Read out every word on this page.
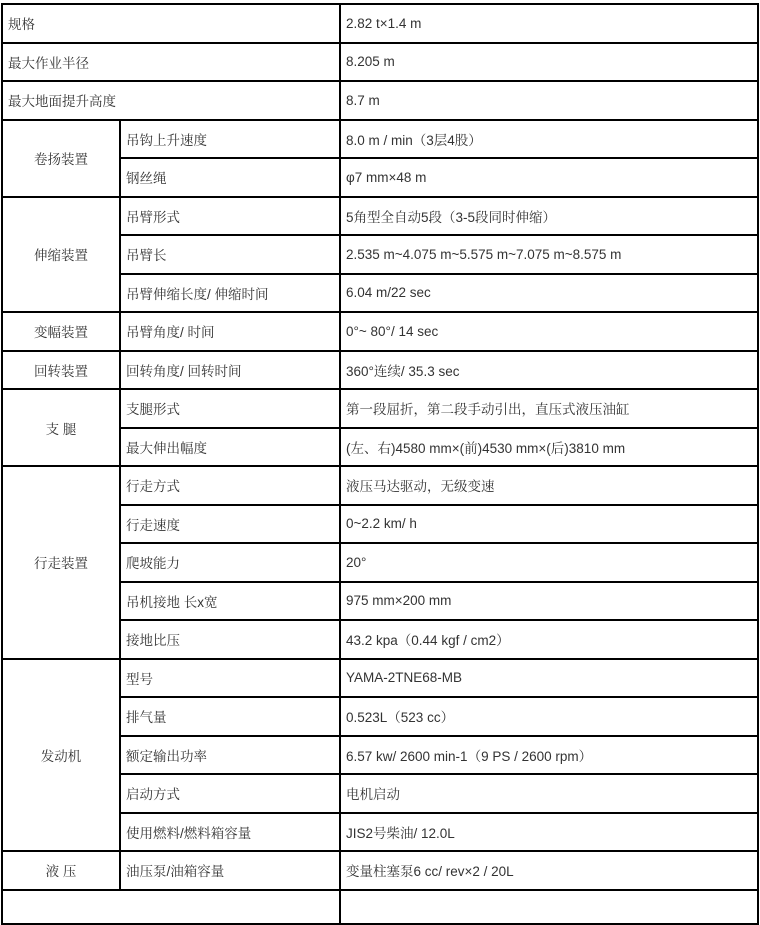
规格		2.82 t×1.4 m
最大作业半径		8.205 m
最大地面提升高度		8.7 m
卷扬装置	吊钩上升速度	8.0 m / min（3层4股）
	钢丝绳	φ7 mm×48 m
伸缩装置	吊臂形式	5角型全自动5段（3-5段同时伸缩）
	吊臂长	2.535 m~4.075 m~5.575 m~7.075 m~8.575 m
	吊臂伸缩长度/ 伸缩时间	6.04 m/22 sec
变幅装置	吊臂角度/ 时间	0°~ 80°/ 14 sec
回转装置	回转角度/ 回转时间	360°连续/ 35.3 sec
支 腿	支腿形式	第一段屈折，第二段手动引出，直压式液压油缸
	最大伸出幅度	(左、右)4580 mm×(前)4530 mm×(后)3810 mm
行走装置	行走方式	液压马达驱动，无级变速
	行走速度	0~2.2 km/ h
	爬坡能力	20°
	吊机接地 长x宽	975 mm×200 mm
	接地比压	43.2 kpa（0.44 kgf / cm2）
发动机	型号	YAMA-2TNE68-MB
	排气量	0.523L（523 cc）
	额定输出功率	6.57 kw/ 2600 min-1（9 PS / 2600 rpm）
	启动方式	电机启动
	使用燃料/燃料箱容量	JIS2号柴油/ 12.0L
液 压	油压泵/油箱容量	变量柱塞泵6 cc/ rev×2 / 20L
